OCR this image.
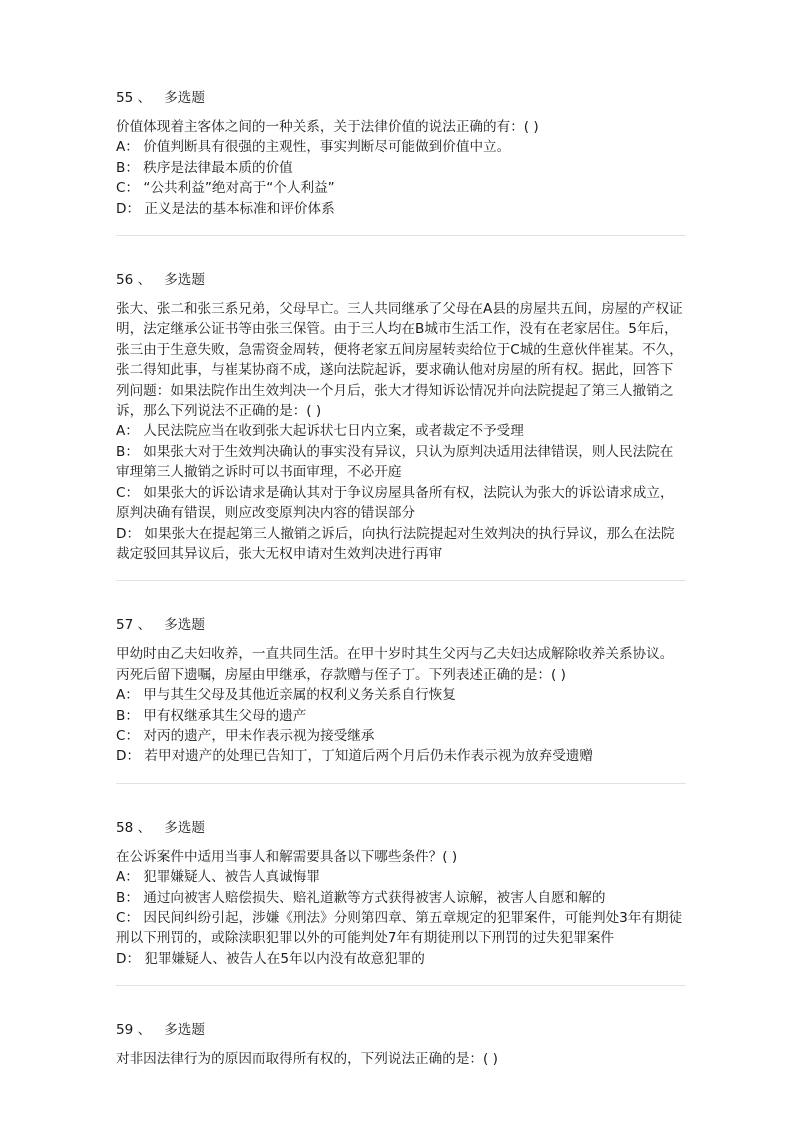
55 、 多选题

价值体现着主客体之间的一种关系，关于法律价值的说法正确的有：( )

A： 价值判断具有很强的主观性，事实判断尽可能做到价值中立。

B： 秩序是法律最本质的价值

C： “公共利益”绝对高于“个人利益”

D： 正义是法的基本标准和评价体系

56 、 多选题

张大、张二和张三系兄弟，父母早亡。三人共同继承了父母在A县的房屋共五间，房屋的产权证明，法定继承公证书等由张三保管。由于三人均在B城市生活工作，没有在老家居住。5年后，张三由于生意失败，急需资金周转，便将老家五间房屋转卖给位于C城的生意伙伴崔某。不久，张二得知此事，与崔某协商不成，遂向法院起诉，要求确认他对房屋的所有权。据此，回答下列问题：如果法院作出生效判决一个月后，张大才得知诉讼情况并向法院提起了第三人撤销之诉，那么下列说法不正确的是：( )

A： 人民法院应当在收到张大起诉状七日内立案，或者裁定不予受理

B： 如果张大对于生效判决确认的事实没有异议，只认为原判决适用法律错误，则人民法院在审理第三人撤销之诉时可以书面审理，不必开庭

C： 如果张大的诉讼请求是确认其对于争议房屋具备所有权，法院认为张大的诉讼请求成立，原判决确有错误，则应改变原判决内容的错误部分

D： 如果张大在提起第三人撤销之诉后，向执行法院提起对生效判决的执行异议，那么在法院裁定驳回其异议后，张大无权申请对生效判决进行再审

57 、 多选题

甲幼时由乙夫妇收养，一直共同生活。在甲十岁时其生父丙与乙夫妇达成解除收养关系协议。丙死后留下遗嘱，房屋由甲继承，存款赠与侄子丁。下列表述正确的是：( )

A： 甲与其生父母及其他近亲属的权利义务关系自行恢复

B： 甲有权继承其生父母的遗产

C： 对丙的遗产，甲未作表示视为接受继承

D： 若甲对遗产的处理已告知丁，丁知道后两个月后仍未作表示视为放弃受遗赠

58 、 多选题

在公诉案件中适用当事人和解需要具备以下哪些条件？( )

A： 犯罪嫌疑人、被告人真诚悔罪

B： 通过向被害人赔偿损失、赔礼道歉等方式获得被害人谅解，被害人自愿和解的

C： 因民间纠纷引起，涉嫌《刑法》分则第四章、第五章规定的犯罪案件，可能判处3年有期徒刑以下刑罚的，或除渎职犯罪以外的可能判处7年有期徒刑以下刑罚的过失犯罪案件

D： 犯罪嫌疑人、被告人在5年以内没有故意犯罪的

59 、 多选题

对非因法律行为的原因而取得所有权的，下列说法正确的是：( )
